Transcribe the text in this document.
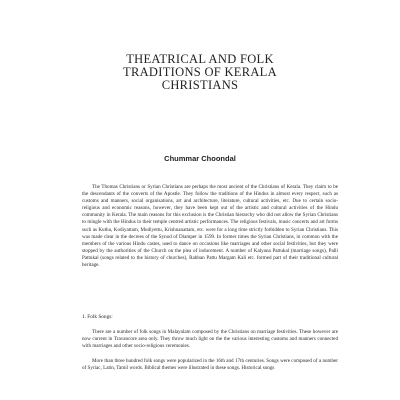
THEATRICAL AND FOLK
TRADITIONS OF KERALA
CHRISTIANS
Chummar Choondal

The Thomas Christians or Syrian Christians are perhaps the most ancient of the Christians of Kerala. They claim to be the descendants of the converts of the Apostle. They follow the traditions of the Hindus in almost every respect, such as customs and manners, social organisations, art and architecture, literature, cultural activities, etc. Due to certain socio-religious and economic reasons, however, they have been kept out of the artistic and cultural activities of the Hindu community in Kerala. The main reasons for this exclusion is the Christian hierarchy who did not allow the Syrian Christians to mingle with the Hindus in their temple centred artistic performances. The religious festivals, music concerts and art forms such as Kuthu, Kodiyattam, Mudiyettu, Krishnanattam, etc. were for a long time strictly forbidden to Syrian Christians. This was made clear in the decrees of the Synod of Diamper in 1599. In former times the Syrian Christians, in common with the members of the various Hindu castes, used to dance on occasions like marriages and other social festivities, but they were stopped by the authorities of the Church on the plea of inducement. A number of Kalyana Pattukal (marriage songs), Palli Pattukal (songs related to the history of churches), Rabban Pattu Margam Kali etc. formed part of their traditional cultural heritage.

1. Folk Songs:

There are a number of folk songs in Malayalam composed by the Christians on marriage festivities. These however are now current in Travancore area only. They throw much light on the the various interesting customs and manners connected with marriages and other socio-religious ceremonies.

More than three hundred folk songs were popularized in the 16th and 17th centuries. Songs were composed of a number of Syriac, Latin, Tamil words. Biblical themes were illustrated in these songs. Historical songs
